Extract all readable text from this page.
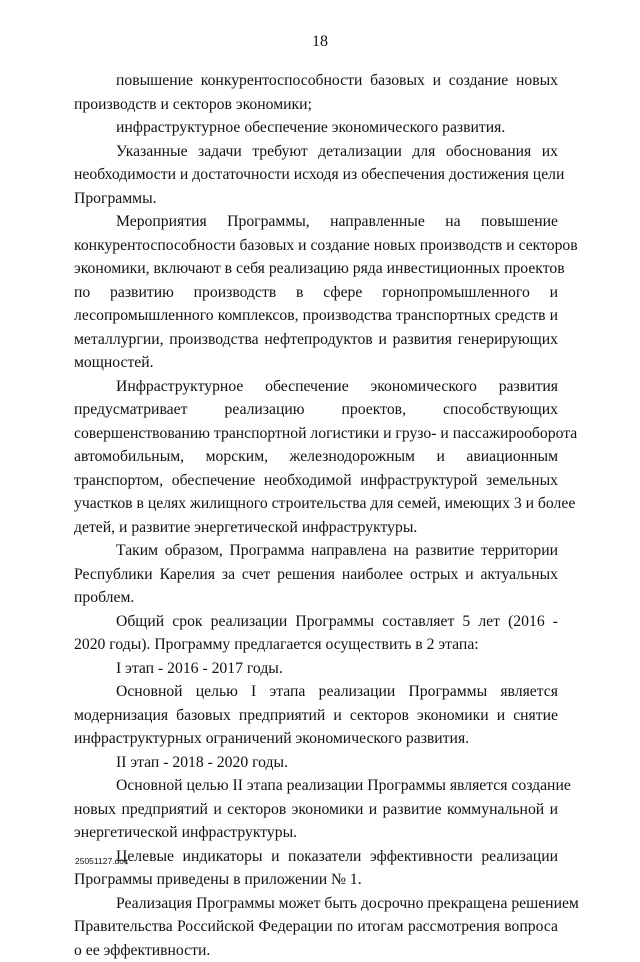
18
повышение конкурентоспособности базовых и создание новых
производств и секторов экономики;
инфраструктурное обеспечение экономического развития.
Указанные задачи требуют детализации для обоснования их
необходимости и достаточности исходя из обеспечения достижения цели
Программы.
Мероприятия Программы, направленные на повышение
конкурентоспособности базовых и создание новых производств и секторов
экономики, включают в себя реализацию ряда инвестиционных проектов
по развитию производств в сфере горнопромышленного и
лесопромышленного комплексов, производства транспортных средств и
металлургии, производства нефтепродуктов и развития генерирующих
мощностей.
Инфраструктурное обеспечение экономического развития
предусматривает реализацию проектов, способствующих
совершенствованию транспортной логистики и грузо- и пассажирооборота
автомобильным, морским, железнодорожным и авиационным
транспортом, обеспечение необходимой инфраструктурой земельных
участков в целях жилищного строительства для семей, имеющих 3 и более
детей, и развитие энергетической инфраструктуры.
Таким образом, Программа направлена на развитие территории
Республики Карелия за счет решения наиболее острых и актуальных
проблем.
Общий срок реализации Программы составляет 5 лет (2016 -
2020 годы). Программу предлагается осуществить в 2 этапа:
I этап - 2016 - 2017 годы.
Основной целью I этапа реализации Программы является
модернизация базовых предприятий и секторов экономики и снятие
инфраструктурных ограничений экономического развития.
II этап - 2018 - 2020 годы.
Основной целью II этапа реализации Программы является создание
новых предприятий и секторов экономики и развитие коммунальной и
энергетической инфраструктуры.
Целевые индикаторы и показатели эффективности реализации
Программы приведены в приложении № 1.
Реализация Программы может быть досрочно прекращена решением
Правительства Российской Федерации по итогам рассмотрения вопроса
о ее эффективности.
25051127.doc
